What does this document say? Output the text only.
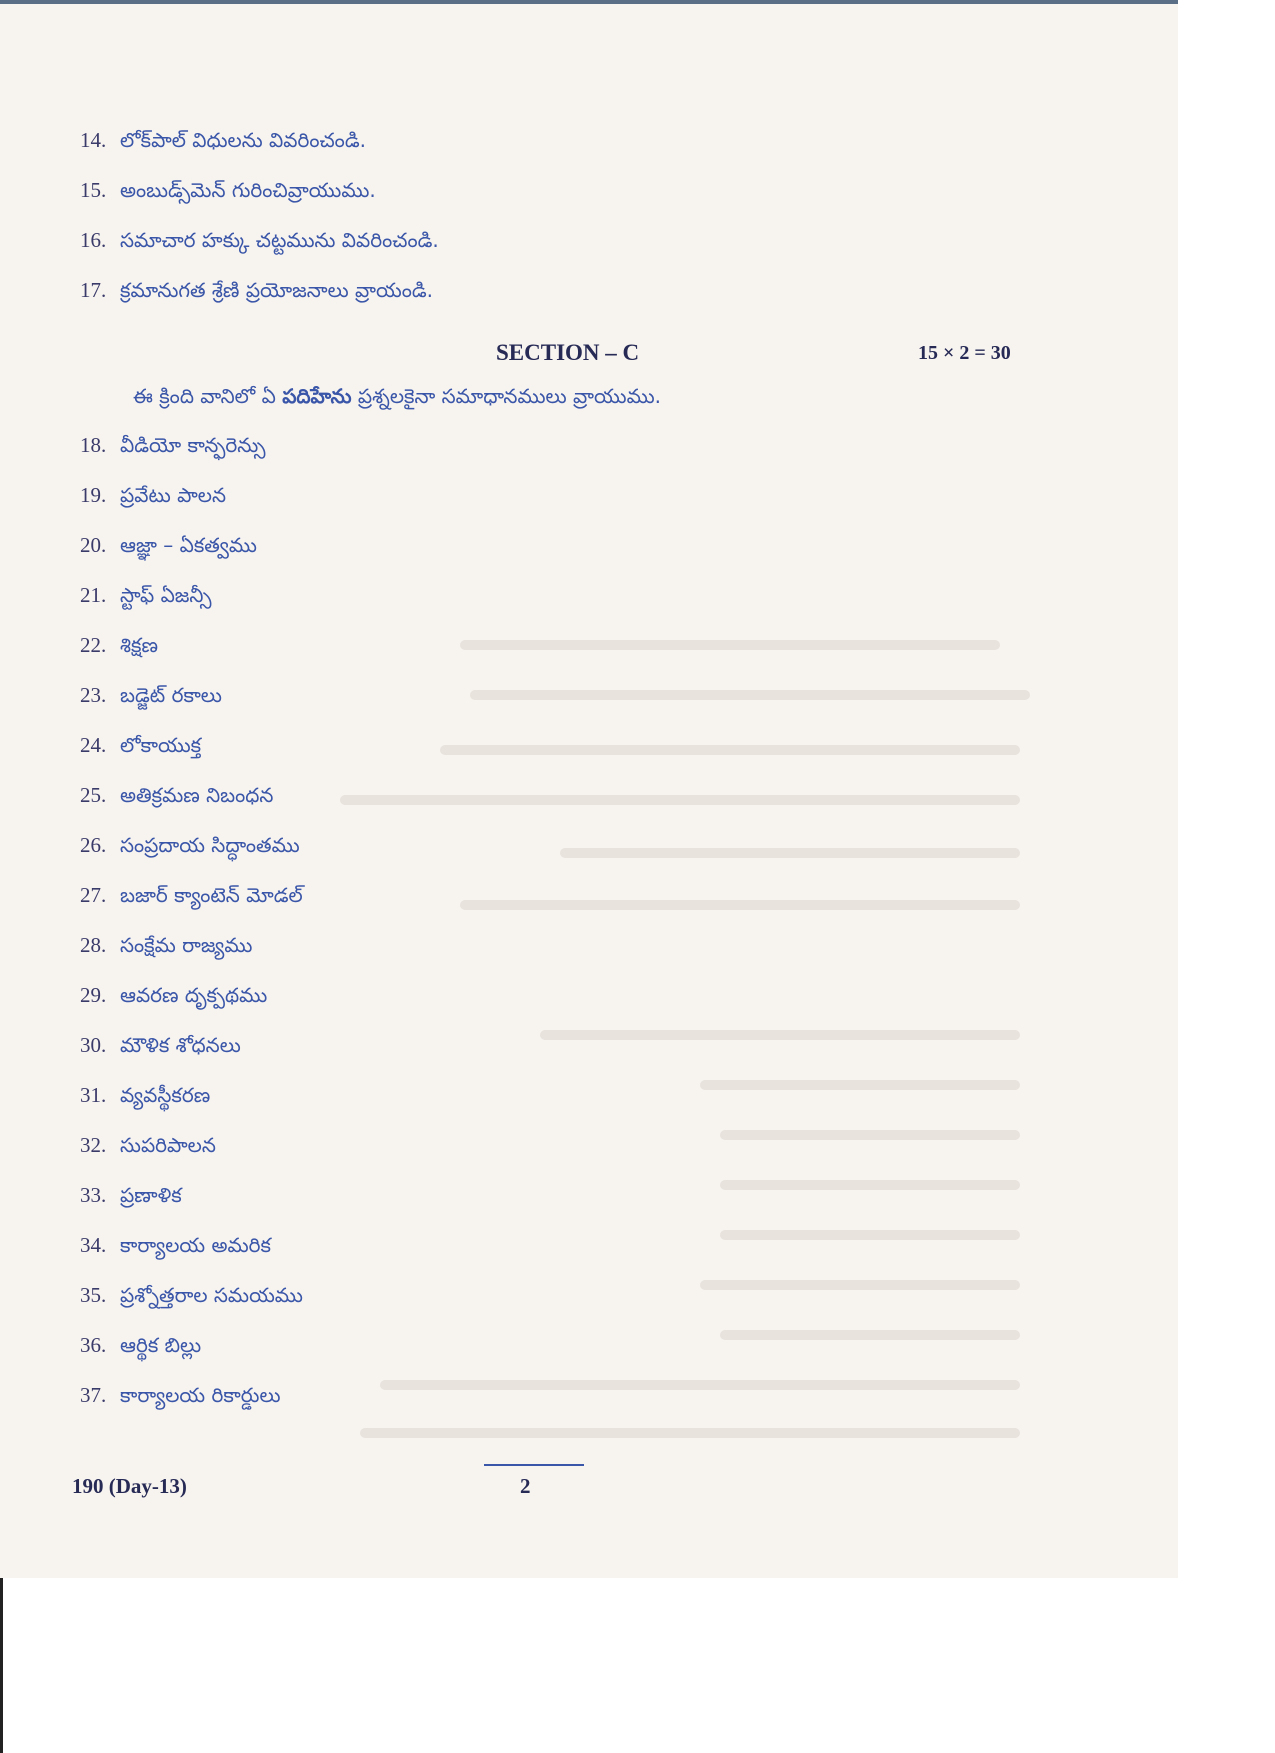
14. లోక్‌పాల్ విధులను వివరించండి.
15. అంబుడ్స్‌మెన్ గురించివ్రాయుము.
16. సమాచార హక్కు చట్టమును వివరించండి.
17. క్రమానుగత శ్రేణి ప్రయోజనాలు వ్రాయండి.
SECTION – C	15 × 2 = 30
ఈ క్రింది వానిలో ఏ పదిహేను ప్రశ్నలకైనా సమాధానములు వ్రాయుము.
18. వీడియో కాన్ఫరెన్సు
19. ప్రవేటు పాలన
20. ఆజ్ఞా – ఏకత్వము
21. స్టాఫ్ ఏజన్సీ
22. శిక్షణ
23. బడ్జెట్ రకాలు
24. లోకాయుక్త
25. అతిక్రమణ నిబంధన
26. సంప్రదాయ సిద్ధాంతము
27. బజార్ క్యాంటెన్ మోడల్
28. సంక్షేమ రాజ్యము
29. ఆవరణ దృక్పథము
30. మౌళిక శోధనలు
31. వ్యవస్థీకరణ
32. సుపరిపాలన
33. ప్రణాళిక
34. కార్యాలయ అమరిక
35. ప్రశ్నోత్తరాల సమయము
36. ఆర్థిక బిల్లు
37. కార్యాలయ రికార్డులు
190 (Day-13)	2
